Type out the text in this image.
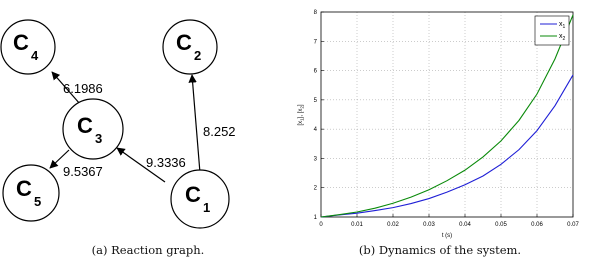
6.1986
8.252
9.3336
9.5367
C
4
C
2
C
3
C
5	C
1
0	0.01	0.02	0.03	0.04	0.05	0.06	0.07
1
2
3
4
5
6
7
8
t (s)
$[x_1]$, $[x_2]$
$x_1$
$x_2$
(a) Reaction graph.	(b) Dynamics of the system.
